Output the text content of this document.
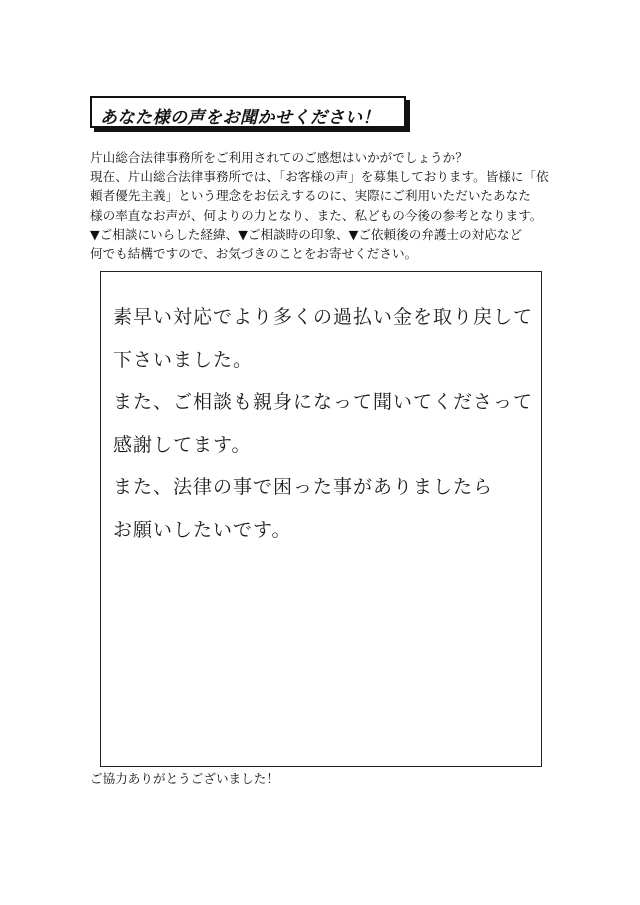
あなた様の声をお聞かせください！
片山総合法律事務所をご利用されてのご感想はいかがでしょうか？
現在、片山総合法律事務所では、「お客様の声」を募集しております。皆様に「依
頼者優先主義」という理念をお伝えするのに、実際にご利用いただいたあなた
様の率直なお声が、何よりの力となり、また、私どもの今後の参考となります。
▼ご相談にいらした経緯、▼ご相談時の印象、▼ご依頼後の弁護士の対応など
何でも結構ですので、お気づきのことをお寄せください。
素早い対応でより多くの過払い金を取り戻して
下さいました。
また、ご相談も親身になって聞いてくださって
感謝してます。
また、法律の事で困った事がありましたら
お願いしたいです。
ご協力ありがとうございました！
